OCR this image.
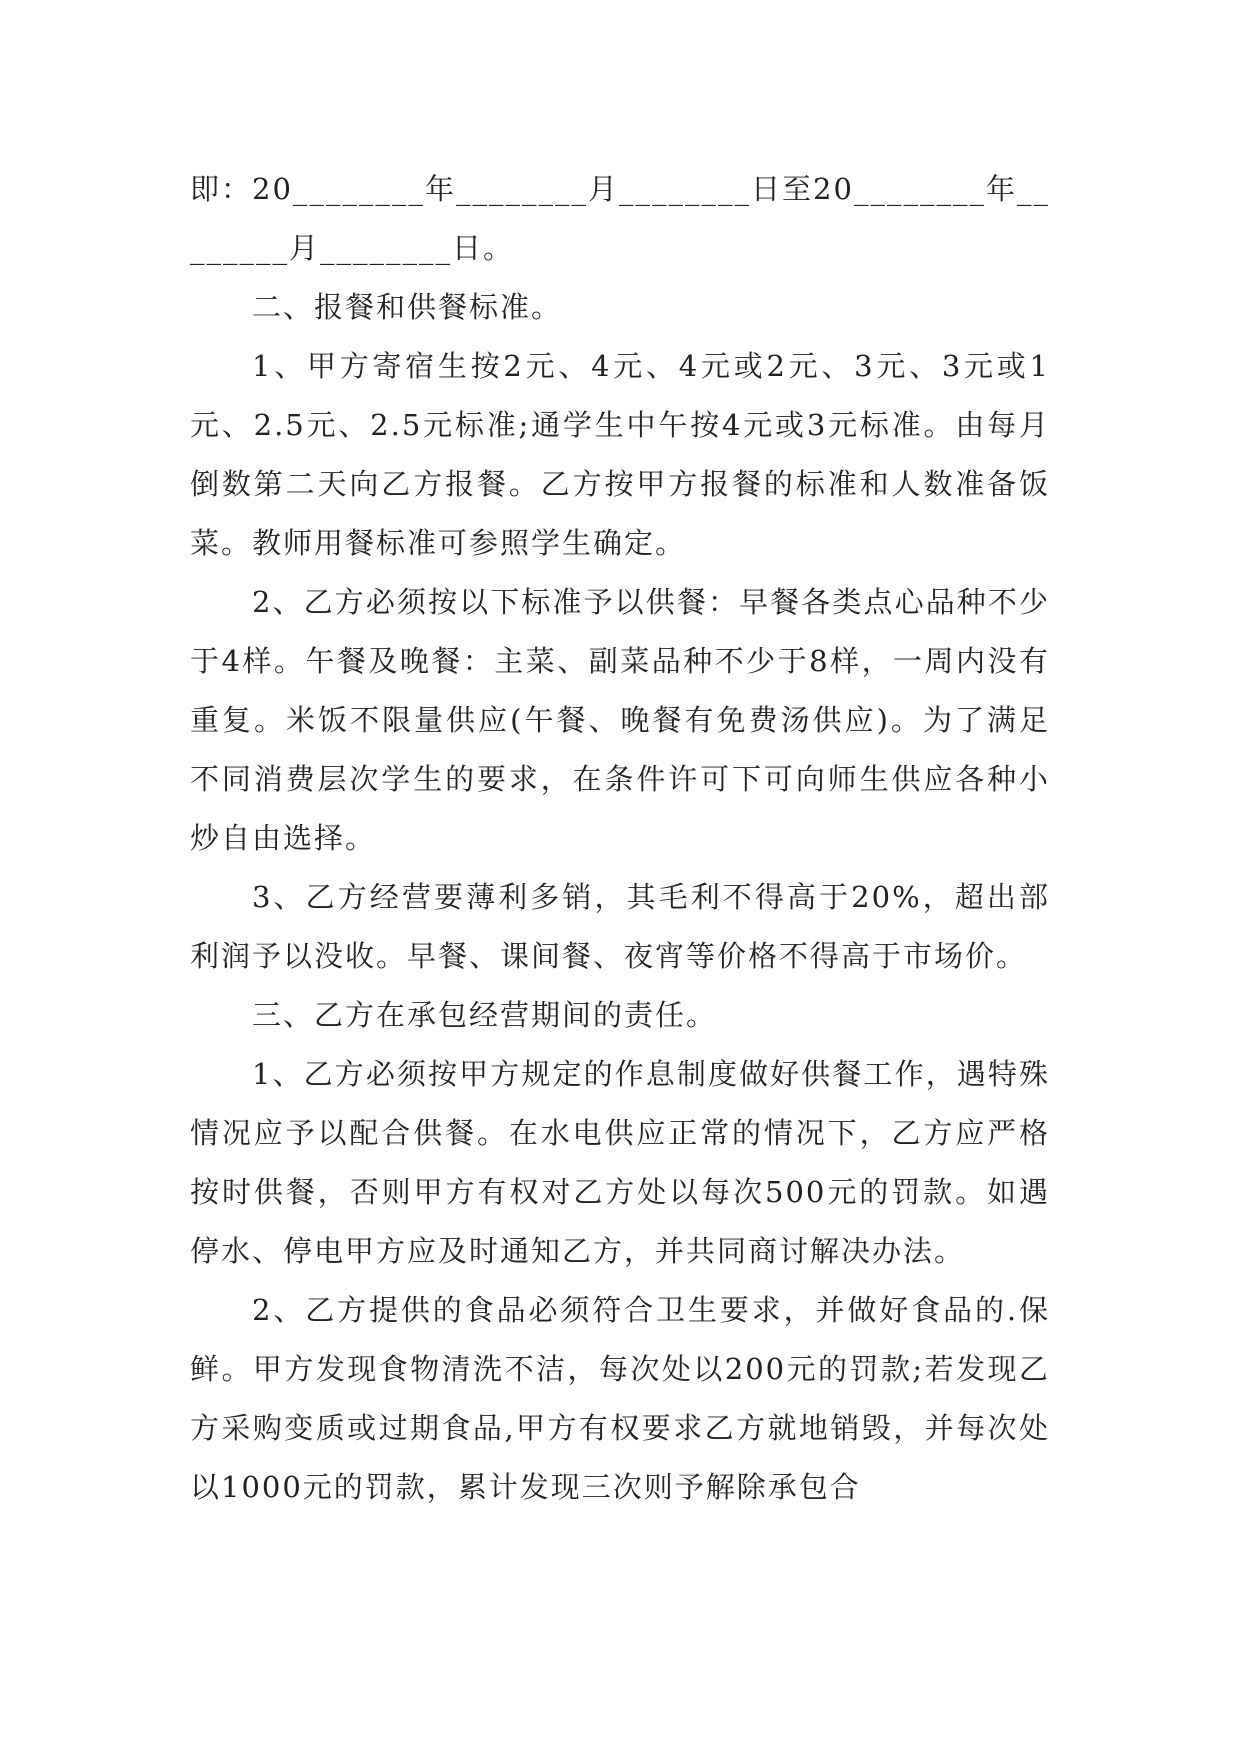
即：20________年________月________日至20________年________月________日。

二、报餐和供餐标准。

1、甲方寄宿生按2元、4元、4元或2元、3元、3元或1元、2.5元、2.5元标准;通学生中午按4元或3元标准。由每月倒数第二天向乙方报餐。乙方按甲方报餐的标准和人数准备饭菜。教师用餐标准可参照学生确定。

2、乙方必须按以下标准予以供餐：早餐各类点心品种不少于4样。午餐及晚餐：主菜、副菜品种不少于8样，一周内没有重复。米饭不限量供应(午餐、晚餐有免费汤供应)。为了满足不同消费层次学生的要求，在条件许可下可向师生供应各种小炒自由选择。

3、乙方经营要薄利多销，其毛利不得高于20%，超出部利润予以没收。早餐、课间餐、夜宵等价格不得高于市场价。

三、乙方在承包经营期间的责任。

1、乙方必须按甲方规定的作息制度做好供餐工作，遇特殊情况应予以配合供餐。在水电供应正常的情况下，乙方应严格按时供餐，否则甲方有权对乙方处以每次500元的罚款。如遇停水、停电甲方应及时通知乙方，并共同商讨解决办法。

2、乙方提供的食品必须符合卫生要求，并做好食品的.保鲜。甲方发现食物清洗不洁，每次处以200元的罚款;若发现乙方采购变质或过期食品,甲方有权要求乙方就地销毁，并每次处以1000元的罚款，累计发现三次则予解除承包合
